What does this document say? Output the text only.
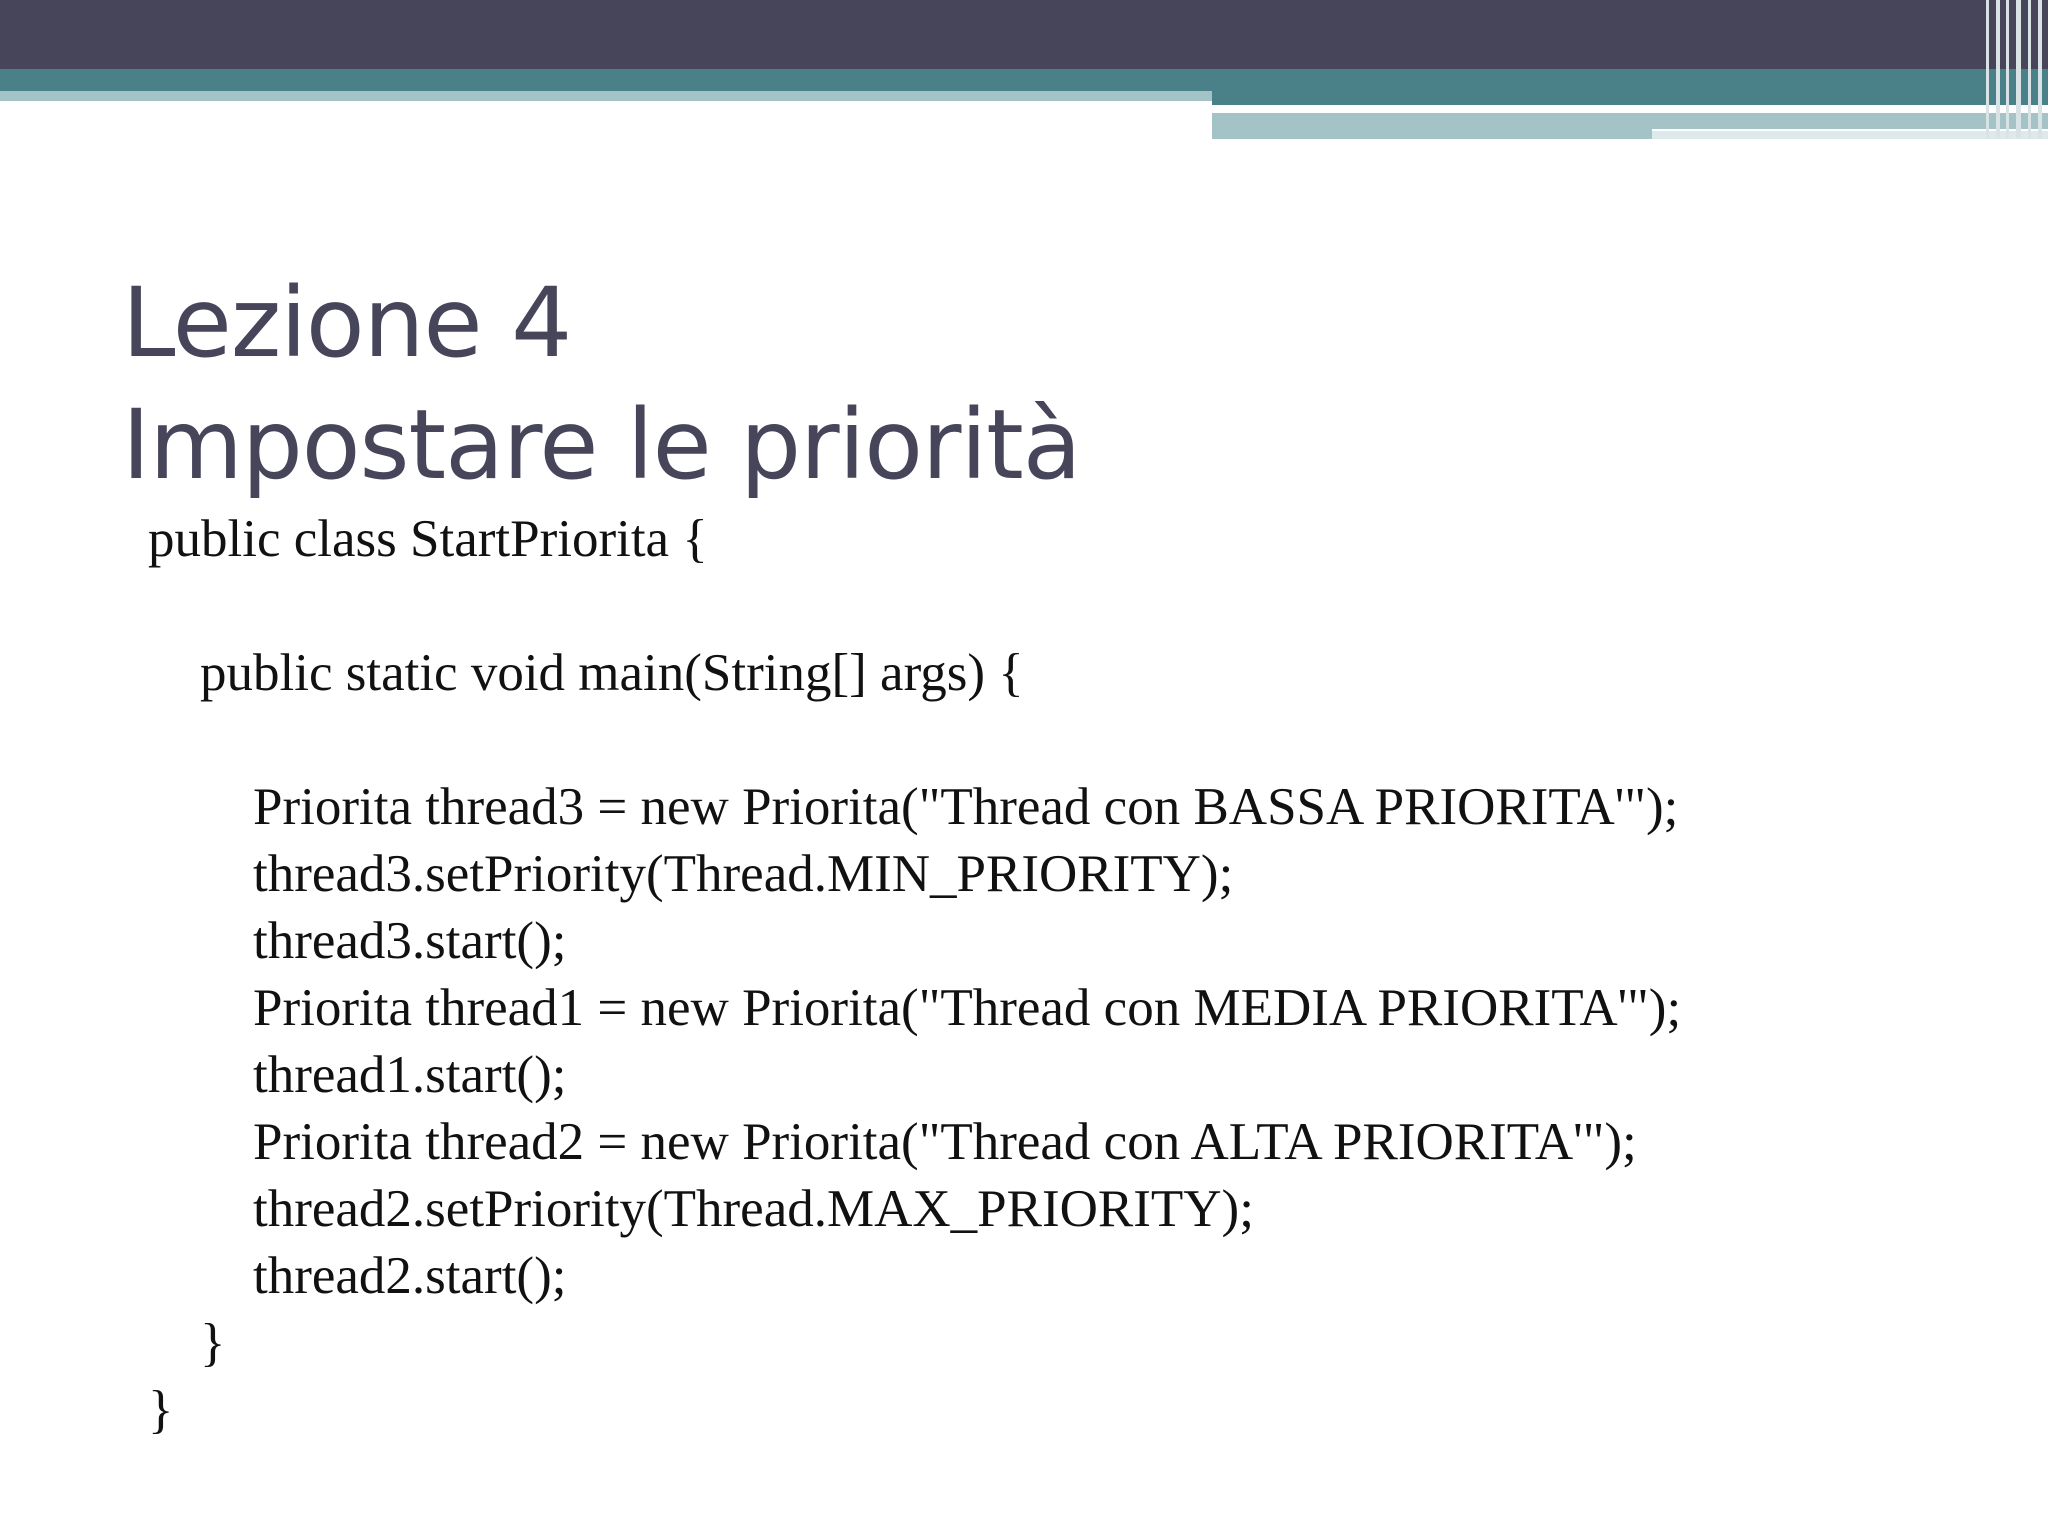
Lezione 4
Impostare le priorità
public class StartPriorita {
public static void main(String[] args) {
Priorita thread3 = new Priorita("Thread con BASSA PRIORITA'");
thread3.setPriority(Thread.MIN_PRIORITY);
thread3.start();
Priorita thread1 = new Priorita("Thread con MEDIA PRIORITA'");
thread1.start();
Priorita thread2 = new Priorita("Thread con ALTA PRIORITA'");
thread2.setPriority(Thread.MAX_PRIORITY);
thread2.start();
}
}
